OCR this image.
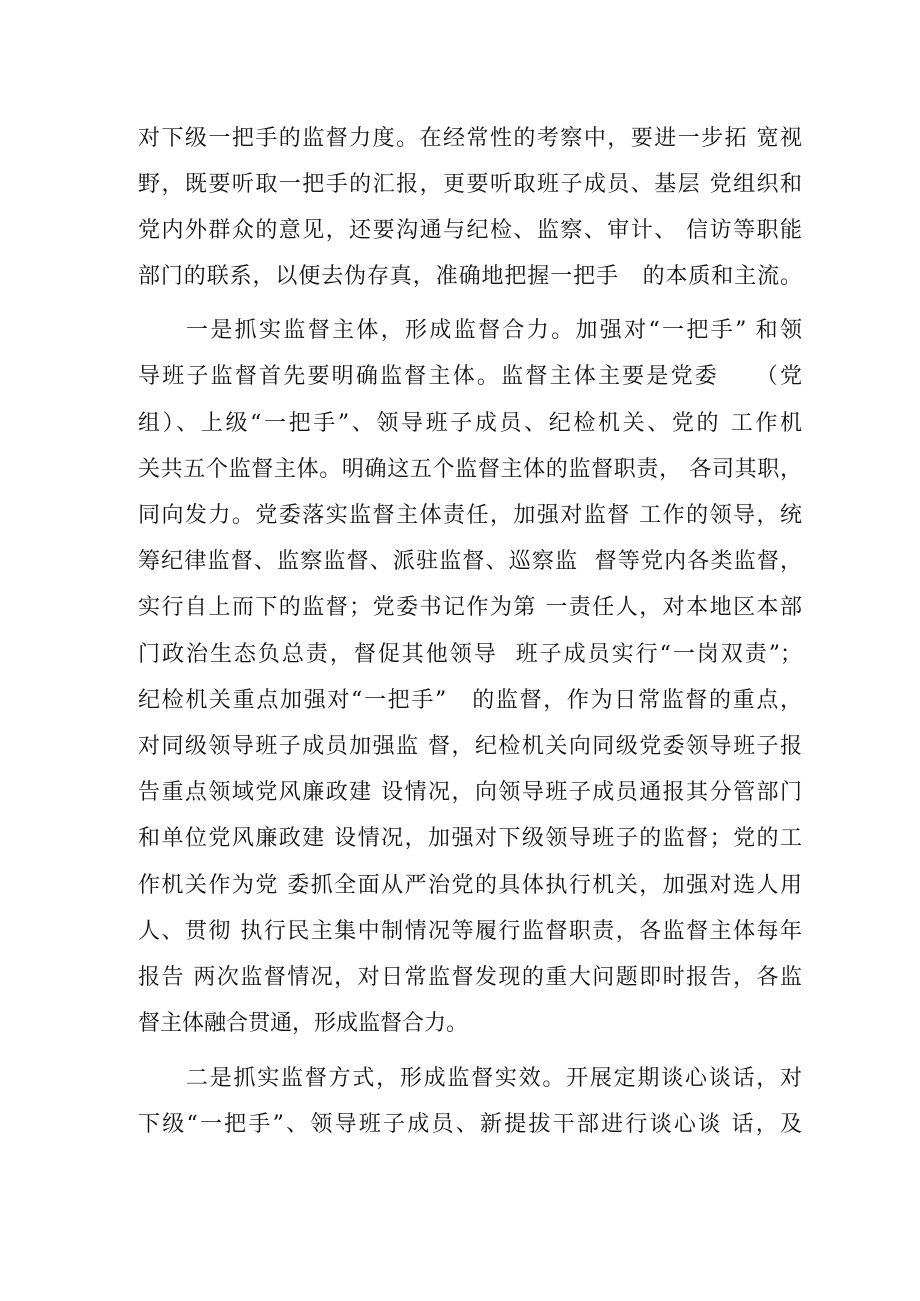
对下级一把手的监督力度。在经常性的考察中，要进一步拓 宽视
野，既要听取一把手的汇报，更要听取班子成员、基层 党组织和
党内外群众的意见，还要沟通与纪检、监察、审计、 信访等职能
部门的联系，以便去伪存真，准确地把握一把手   的本质和主流。
一是抓实监督主体，形成监督合力。加强对“一把手” 和领
导班子监督首先要明确监督主体。监督主体主要是党委    （党
组）、上级“一把手”、领导班子成员、纪检机关、党的 工作机
关共五个监督主体。明确这五个监督主体的监督职责， 各司其职，
同向发力。党委落实监督主体责任，加强对监督 工作的领导，统
筹纪律监督、监察监督、派驻监督、巡察监  督等党内各类监督，
实行自上而下的监督；党委书记作为第 一责任人，对本地区本部
门政治生态负总责，督促其他领导  班子成员实行“一岗双责”；
纪检机关重点加强对“一把手”   的监督，作为日常监督的重点，
对同级领导班子成员加强监 督，纪检机关向同级党委领导班子报
告重点领域党风廉政建 设情况，向领导班子成员通报其分管部门
和单位党风廉政建 设情况，加强对下级领导班子的监督；党的工
作机关作为党 委抓全面从严治党的具体执行机关，加强对选人用
人、贯彻 执行民主集中制情况等履行监督职责，各监督主体每年
报告 两次监督情况，对日常监督发现的重大问题即时报告，各监
督主体融合贯通，形成监督合力。
二是抓实监督方式，形成监督实效。开展定期谈心谈话，对
下级“一把手”、领导班子成员、新提拔干部进行谈心谈 话，及
